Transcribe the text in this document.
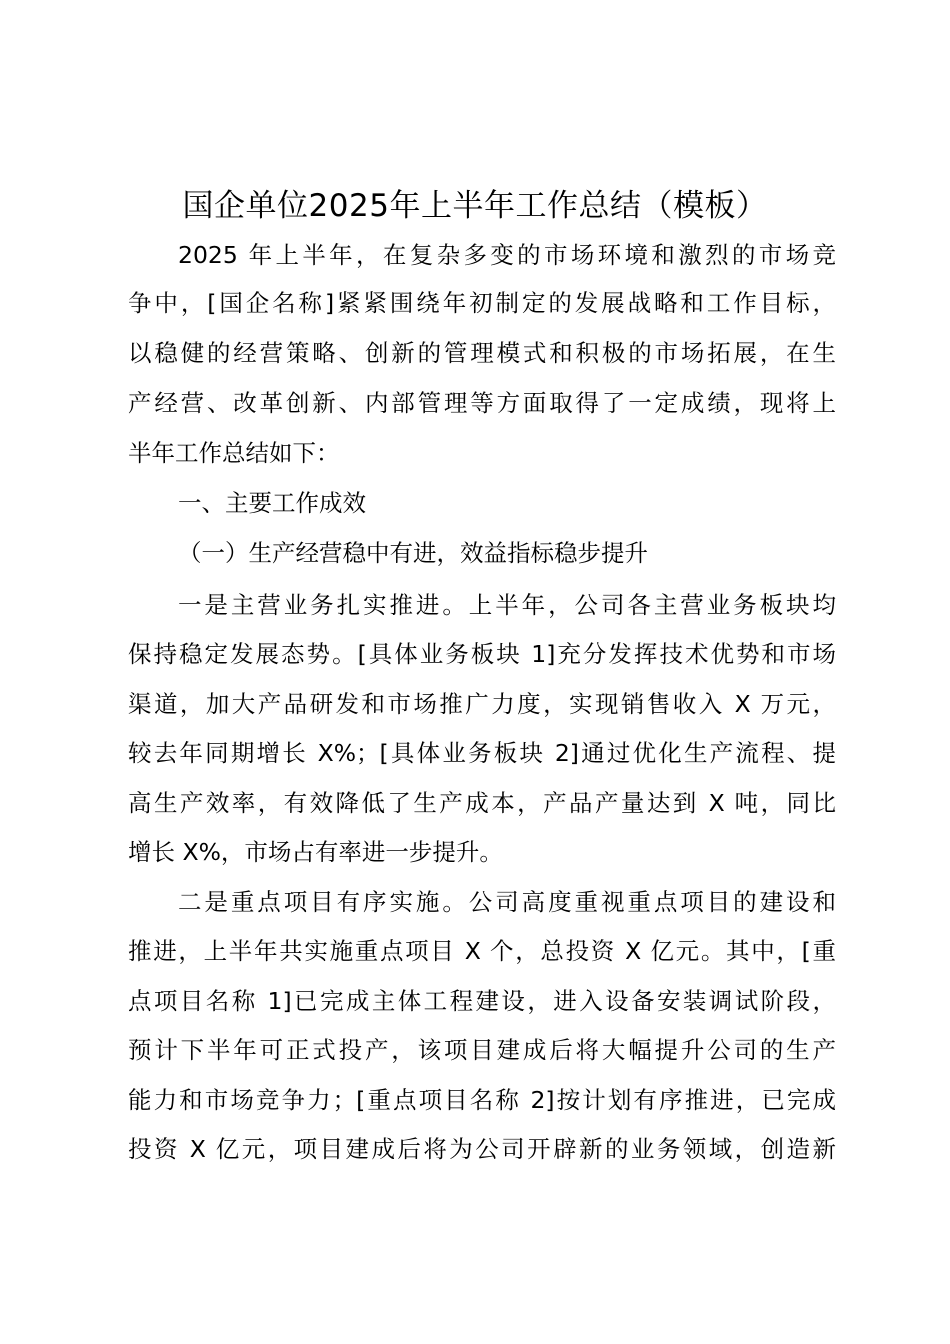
国企单位2025年上半年工作总结（模板）
2025 年上半年，在复杂多变的市场环境和激烈的市场竞
争中，[国企名称]紧紧围绕年初制定的发展战略和工作目标，
以稳健的经营策略、创新的管理模式和积极的市场拓展，在生
产经营、改革创新、内部管理等方面取得了一定成绩，现将上
半年工作总结如下：
一、主要工作成效
（一）生产经营稳中有进，效益指标稳步提升
一是主营业务扎实推进。上半年，公司各主营业务板块均
保持稳定发展态势。[具体业务板块 1]充分发挥技术优势和市场
渠道，加大产品研发和市场推广力度，实现销售收入 X 万元，
较去年同期增长 X%；[具体业务板块 2]通过优化生产流程、提
高生产效率，有效降低了生产成本，产品产量达到 X 吨，同比
增长 X%，市场占有率进一步提升。
二是重点项目有序实施。公司高度重视重点项目的建设和
推进，上半年共实施重点项目 X 个，总投资 X 亿元。其中，[重
点项目名称 1]已完成主体工程建设，进入设备安装调试阶段，
预计下半年可正式投产，该项目建成后将大幅提升公司的生产
能力和市场竞争力；[重点项目名称 2]按计划有序推进，已完成
投资 X 亿元，项目建成后将为公司开辟新的业务领域，创造新
